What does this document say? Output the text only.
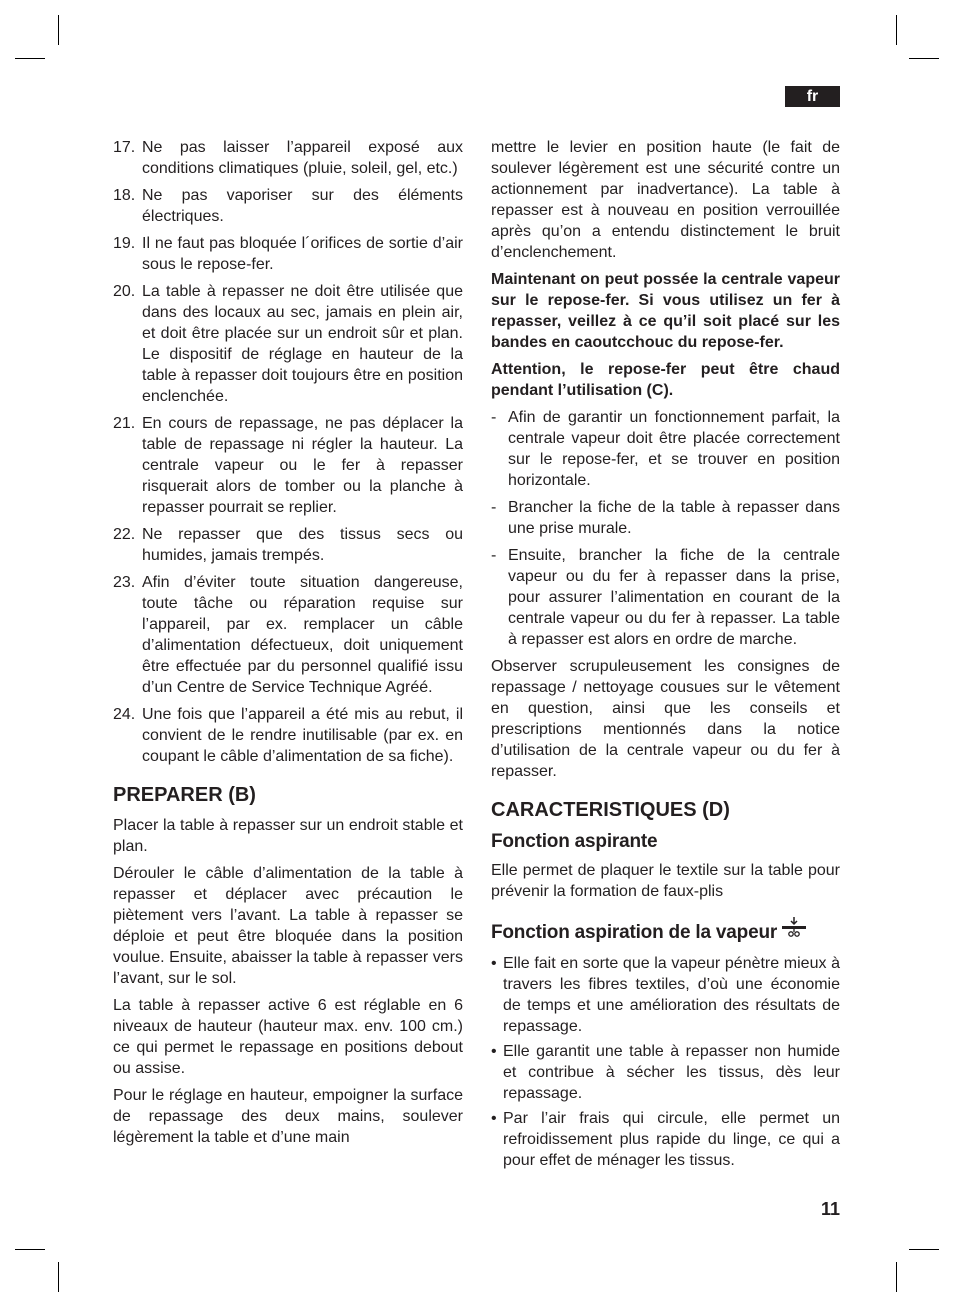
fr
17. Ne pas laisser l’appareil exposé aux conditions climatiques (pluie, soleil, gel, etc.)
18. Ne pas vaporiser sur des éléments électriques.
19. Il ne faut pas bloquée l´orifices de sortie d’air sous le repose-fer.
20. La table à repasser ne doit être utilisée que dans des locaux au sec, jamais en plein air, et doit être placée sur un endroit sûr et plan. Le dispositif de réglage en hauteur de la table à repasser doit toujours être en position enclenchée.
21. En cours de repassage, ne pas déplacer la table de repassage ni régler la hauteur. La centrale vapeur ou le fer à repasser risquerait alors de tomber ou la planche à repasser pourrait se replier.
22. Ne repasser que des tissus secs ou humides, jamais trempés.
23. Afin d’éviter toute situation dangereuse, toute tâche ou réparation requise sur l’appareil, par ex. remplacer un câble d’alimentation défectueux, doit uniquement être effectuée par du personnel qualifié issu d’un Centre de Service Technique Agréé.
24. Une fois que l’appareil a été mis au rebut, il convient de le rendre inutilisable (par ex. en coupant le câble d’alimentation de sa fiche).
PREPARER (B)

Placer la table à repasser sur un endroit stable et plan.

Dérouler le câble d’alimentation de la table à repasser et déplacer avec précaution le piètement vers l’avant. La table à repasser se déploie et peut être bloquée dans la position voulue. Ensuite, abaisser la table à repasser vers l’avant, sur le sol.

La table à repasser active 6 est réglable en 6 niveaux de hauteur (hauteur max. env. 100 cm.) ce qui permet le repassage en positions debout ou assise.

Pour le réglage en hauteur, empoigner la surface de repassage des deux mains, soulever légèrement la table et d’une main

mettre le levier en position haute (le fait de soulever légèrement est une sécurité contre un actionnement par inadvertance). La table à repasser est à nouveau en position verrouillée après qu’on a entendu distinctement le bruit d’enclenchement.

Maintenant on peut possée la centrale vapeur sur le repose-fer. Si vous utilisez un fer à repasser, veillez à ce qu’il soit placé sur les bandes en caoutcchouc du repose-fer.

Attention, le repose-fer peut être chaud pendant l’utilisation (C).

- Afin de garantir un fonctionnement parfait, la centrale vapeur doit être placée correctement sur le repose-fer, et se trouver en position horizontale.
- Brancher la fiche de la table à repasser dans une prise murale.
- Ensuite, brancher la fiche de la centrale vapeur ou du fer à repasser dans la prise, pour assurer l’alimentation en courant de la centrale vapeur ou du fer à repasser. La table à repasser est alors en ordre de marche.

Observer scrupuleusement les consignes de repassage / nettoyage cousues sur le vêtement en question, ainsi que les conseils et prescriptions mentionnés dans la notice d’utilisation de la centrale vapeur ou du fer à repasser.

CARACTERISTIQUES (D)
Fonction aspirante

Elle permet de plaquer le textile sur la table pour prévenir la formation de faux-plis

Fonction aspiration de la vapeur
• Elle fait en sorte que la vapeur pénètre mieux à travers les fibres textiles, d’où une économie de temps et une amélioration des résultats de repassage.
• Elle garantit une table à repasser non humide et contribue à sécher les tissus, dès leur repassage.
• Par l’air frais qui circule, elle permet un refroidissement plus rapide du linge, ce qui a pour effet de ménager les tissus.
11
